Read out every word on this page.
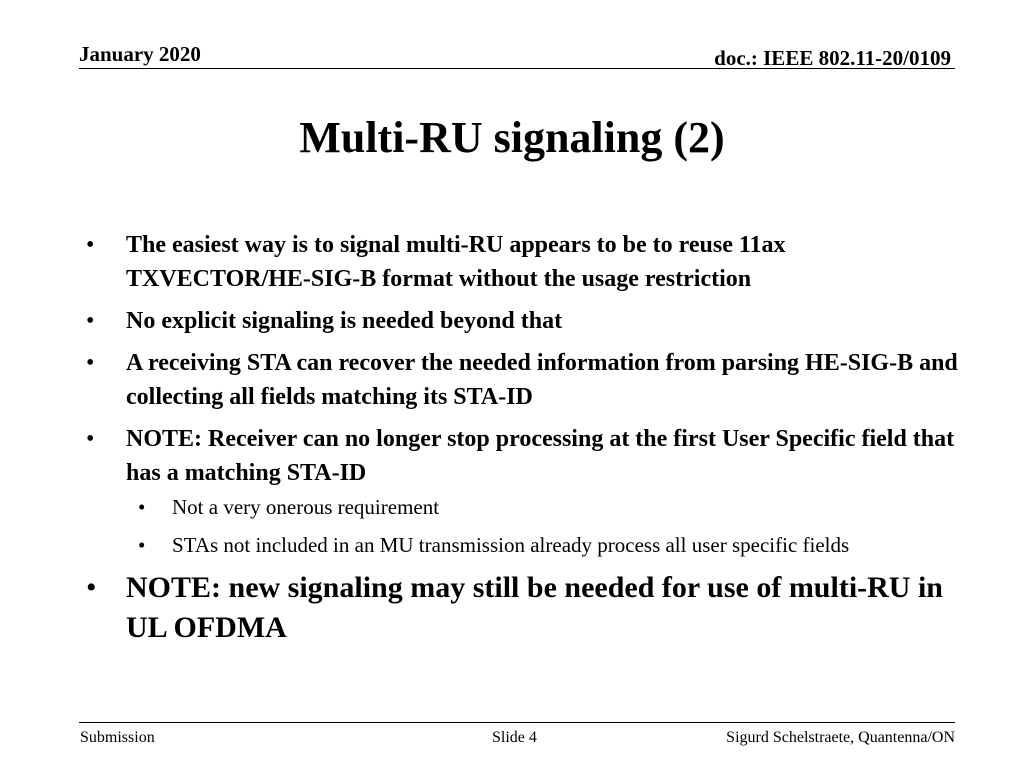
January 2020	doc.: IEEE 802.11-20/0109
Multi-RU signaling (2)
• The easiest way is to signal multi-RU appears to be to reuse 11ax TXVECTOR/HE-SIG-B format without the usage restriction
• No explicit signaling is needed beyond that
• A receiving STA can recover the needed information from parsing HE-SIG-B and collecting all fields matching its STA-ID
• NOTE: Receiver can no longer stop processing at the first User Specific field that has a matching STA-ID
• Not a very onerous requirement
• STAs not included in an MU transmission already process all user specific fields
• NOTE: new signaling may still be needed for use of multi-RU in UL OFDMA
Submission	Slide 4	Sigurd Schelstraete, Quantenna/ON
